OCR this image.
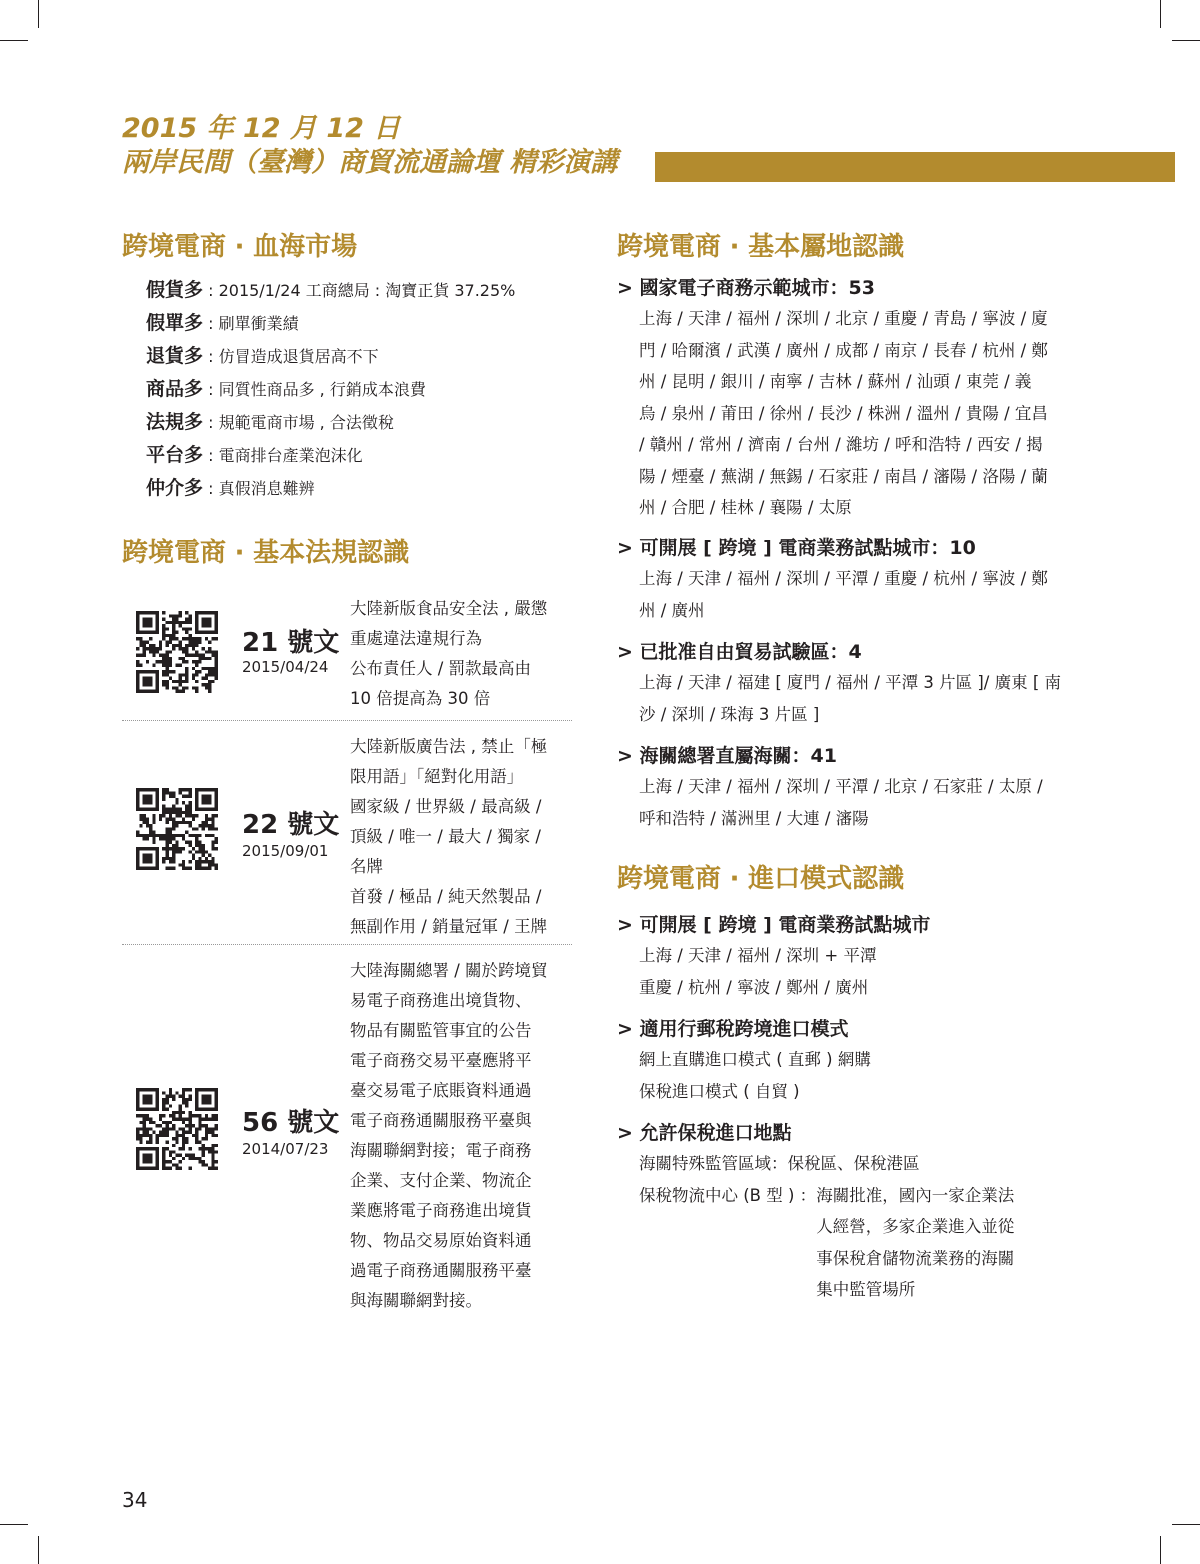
2015 年 12 月 12 日
兩岸民間（臺灣）商貿流通論壇 精彩演講
跨境電商 ‧ 血海市場
假貨多 : 2015/1/24 工商總局 : 淘寶正貨 37.25%
假單多 : 刷單衝業績
退貨多 : 仿冒造成退貨居高不下
商品多 : 同質性商品多 , 行銷成本浪費
法規多 : 規範電商市場 , 合法徵稅
平台多 : 電商排台產業泡沫化
仲介多 : 真假消息難辨
跨境電商 ‧ 基本法規認識
21 號文
2015/04/24
大陸新版食品安全法 , 嚴懲
重處違法違規行為
公布責任人 / 罰款最高由
10 倍提高為 30 倍
22 號文
2015/09/01
大陸新版廣告法 , 禁止「極
限用語」「絕對化用語」
國家級 / 世界級 / 最高級 /
頂級 / 唯一 / 最大 / 獨家 /
名牌
首發 / 極品 / 純天然製品 /
無副作用 / 銷量冠軍 / 王牌
56 號文
2014/07/23
大陸海關總署 / 關於跨境貿
易電子商務進出境貨物、
物品有關監管事宜的公告
電子商務交易平臺應將平
臺交易電子底賬資料通過
電子商務通關服務平臺與
海關聯網對接；電子商務
企業、支付企業、物流企
業應將電子商務進出境貨
物、物品交易原始資料通
過電子商務通關服務平臺
與海關聯網對接。
跨境電商 ‧ 基本屬地認識
> 國家電子商務示範城市：53
上海 / 天津 / 福州 / 深圳 / 北京 / 重慶 / 青島 / 寧波 / 廈
門 / 哈爾濱 / 武漢 / 廣州 / 成都 / 南京 / 長春 / 杭州 / 鄭
州 / 昆明 / 銀川 / 南寧 / 吉林 / 蘇州 / 汕頭 / 東莞 / 義
烏 / 泉州 / 莆田 / 徐州 / 長沙 / 株洲 / 溫州 / 貴陽 / 宜昌
/ 贛州 / 常州 / 濟南 / 台州 / 濰坊 / 呼和浩特 / 西安 / 揭
陽 / 煙臺 / 蕪湖 / 無錫 / 石家莊 / 南昌 / 瀋陽 / 洛陽 / 蘭
州 / 合肥 / 桂林 / 襄陽 / 太原
> 可開展 [ 跨境 ] 電商業務試點城市：10
上海 / 天津 / 福州 / 深圳 / 平潭 / 重慶 / 杭州 / 寧波 / 鄭
州 / 廣州
> 已批准自由貿易試驗區：4
上海 / 天津 / 福建 [ 廈門 / 福州 / 平潭 3 片區 ]/ 廣東 [ 南
沙 / 深圳 / 珠海 3 片區 ]
> 海關總署直屬海關：41
上海 / 天津 / 福州 / 深圳 / 平潭 / 北京 / 石家莊 / 太原 /
呼和浩特 / 滿洲里 / 大連 / 瀋陽
跨境電商 ‧ 進口模式認識
> 可開展 [ 跨境 ] 電商業務試點城市
上海 / 天津 / 福州 / 深圳 + 平潭
重慶 / 杭州 / 寧波 / 鄭州 / 廣州
> 適用行郵稅跨境進口模式
網上直購進口模式 ( 直郵 ) 網購
保稅進口模式 ( 自貿 )
> 允許保稅進口地點
海關特殊監管區域：保稅區、保稅港區
保稅物流中心 (B 型 ) ： 海關批准，國內一家企業法
人經營，多家企業進入並從
事保稅倉儲物流業務的海關
集中監管場所
34
